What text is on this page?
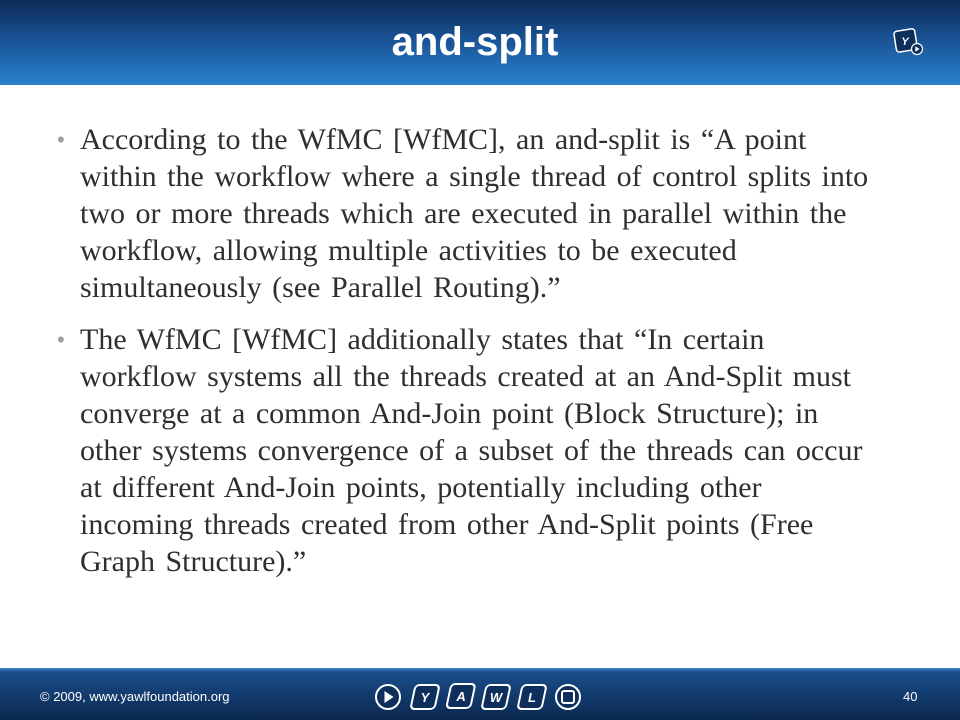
and-split	Y
• According to the WfMC [WfMC], an and-split is “A point
within the workflow where a single thread of control splits into
two or more threads which are executed in parallel within the
workflow, allowing multiple activities to be executed
simultaneously (see Parallel Routing).”
• The WfMC [WfMC] additionally states that “In certain
workflow systems all the threads created at an And-Split must
converge at a common And-Join point (Block Structure); in
other systems convergence of a subset of the threads can occur
at different And-Join points, potentially including other
incoming threads created from other And-Split points (Free
Graph Structure).”
© 2009, www.yawlfoundation.org	Y A W L	40
